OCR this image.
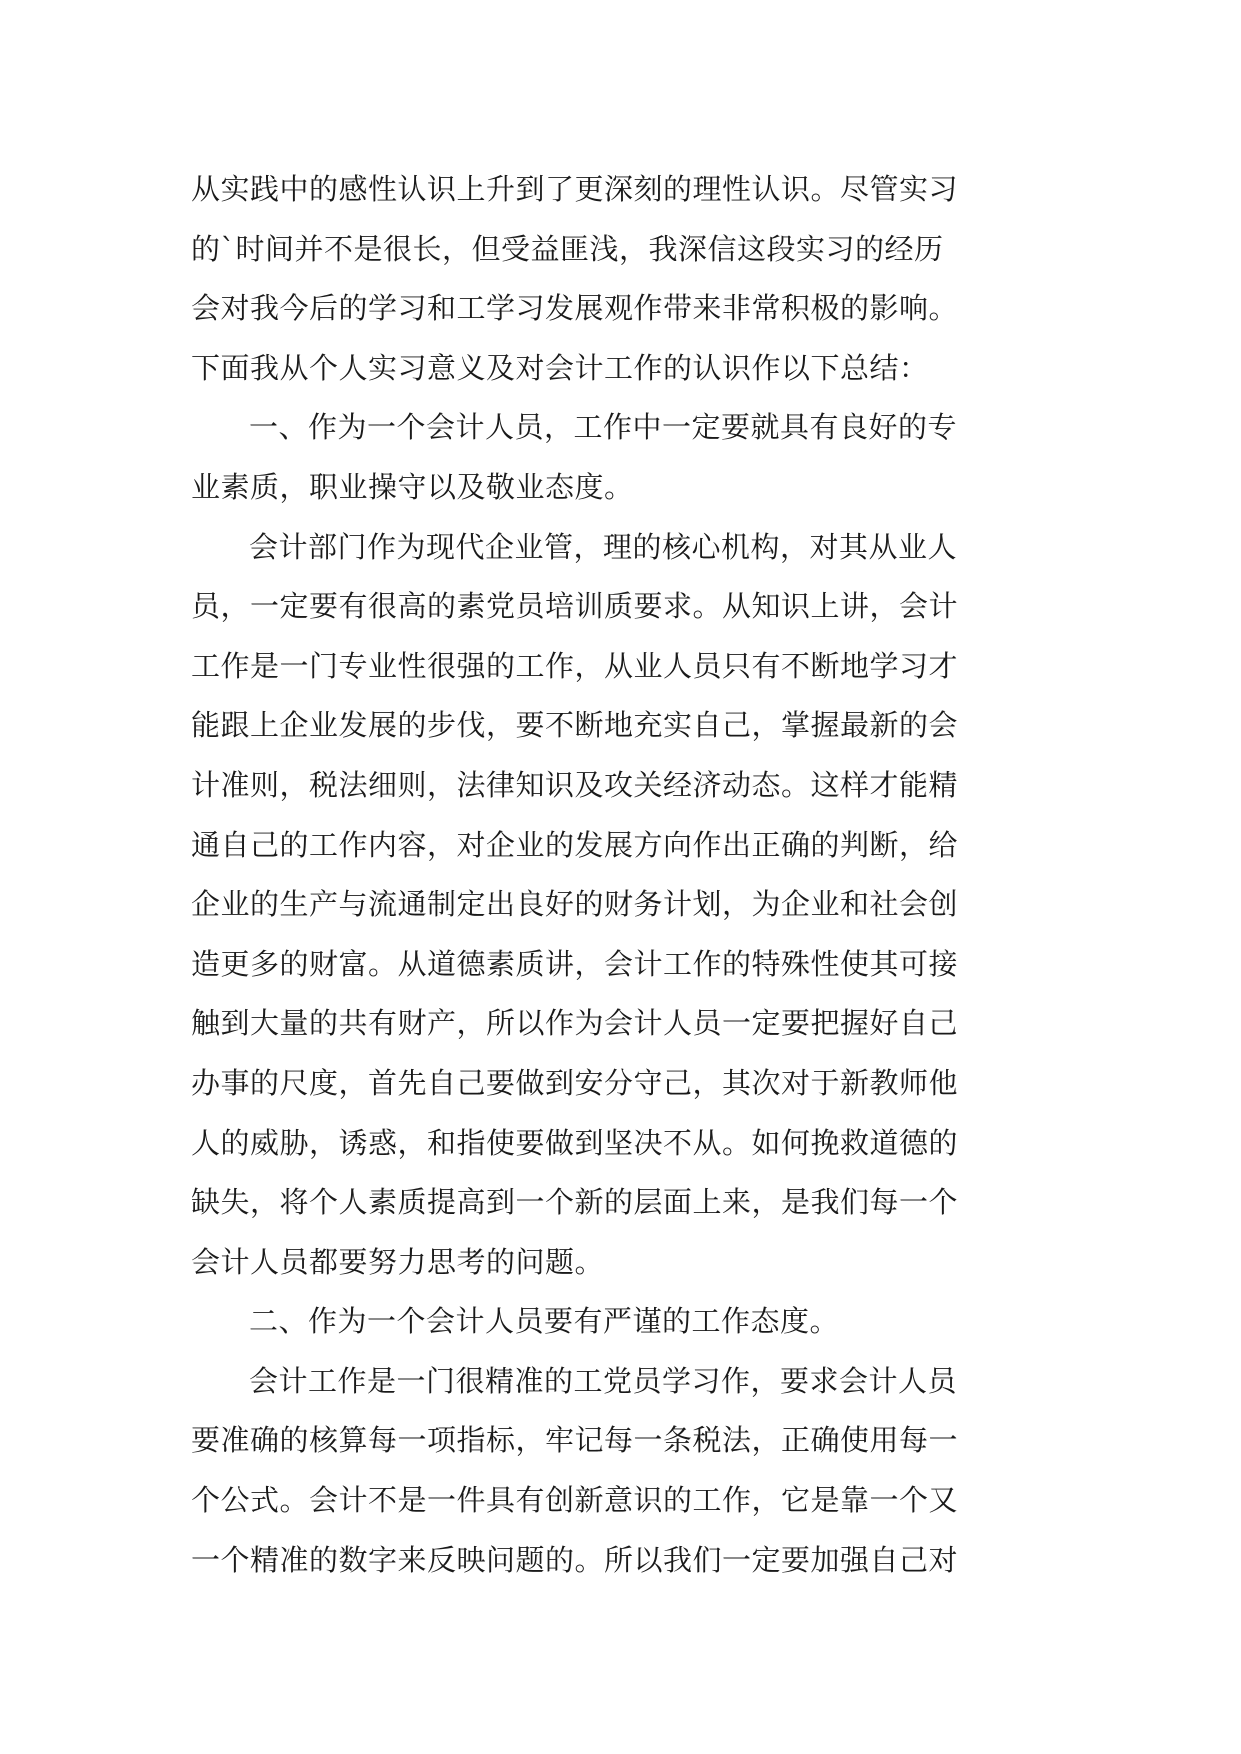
从实践中的感性认识上升到了更深刻的理性认识。尽管实习
的`时间并不是很长，但受益匪浅，我深信这段实习的经历
会对我今后的学习和工学习发展观作带来非常积极的影响。
下面我从个人实习意义及对会计工作的认识作以下总结：
一、作为一个会计人员，工作中一定要就具有良好的专
业素质，职业操守以及敬业态度。
会计部门作为现代企业管，理的核心机构，对其从业人
员，一定要有很高的素党员培训质要求。从知识上讲，会计
工作是一门专业性很强的工作，从业人员只有不断地学习才
能跟上企业发展的步伐，要不断地充实自己，掌握最新的会
计准则，税法细则，法律知识及攻关经济动态。这样才能精
通自己的工作内容，对企业的发展方向作出正确的判断，给
企业的生产与流通制定出良好的财务计划，为企业和社会创
造更多的财富。从道德素质讲，会计工作的特殊性使其可接
触到大量的共有财产，所以作为会计人员一定要把握好自己
办事的尺度，首先自己要做到安分守己，其次对于新教师他
人的威胁，诱惑，和指使要做到坚决不从。如何挽救道德的
缺失，将个人素质提高到一个新的层面上来，是我们每一个
会计人员都要努力思考的问题。
二、作为一个会计人员要有严谨的工作态度。
会计工作是一门很精准的工党员学习作，要求会计人员
要准确的核算每一项指标，牢记每一条税法，正确使用每一
个公式。会计不是一件具有创新意识的工作，它是靠一个又
一个精准的数字来反映问题的。所以我们一定要加强自己对
